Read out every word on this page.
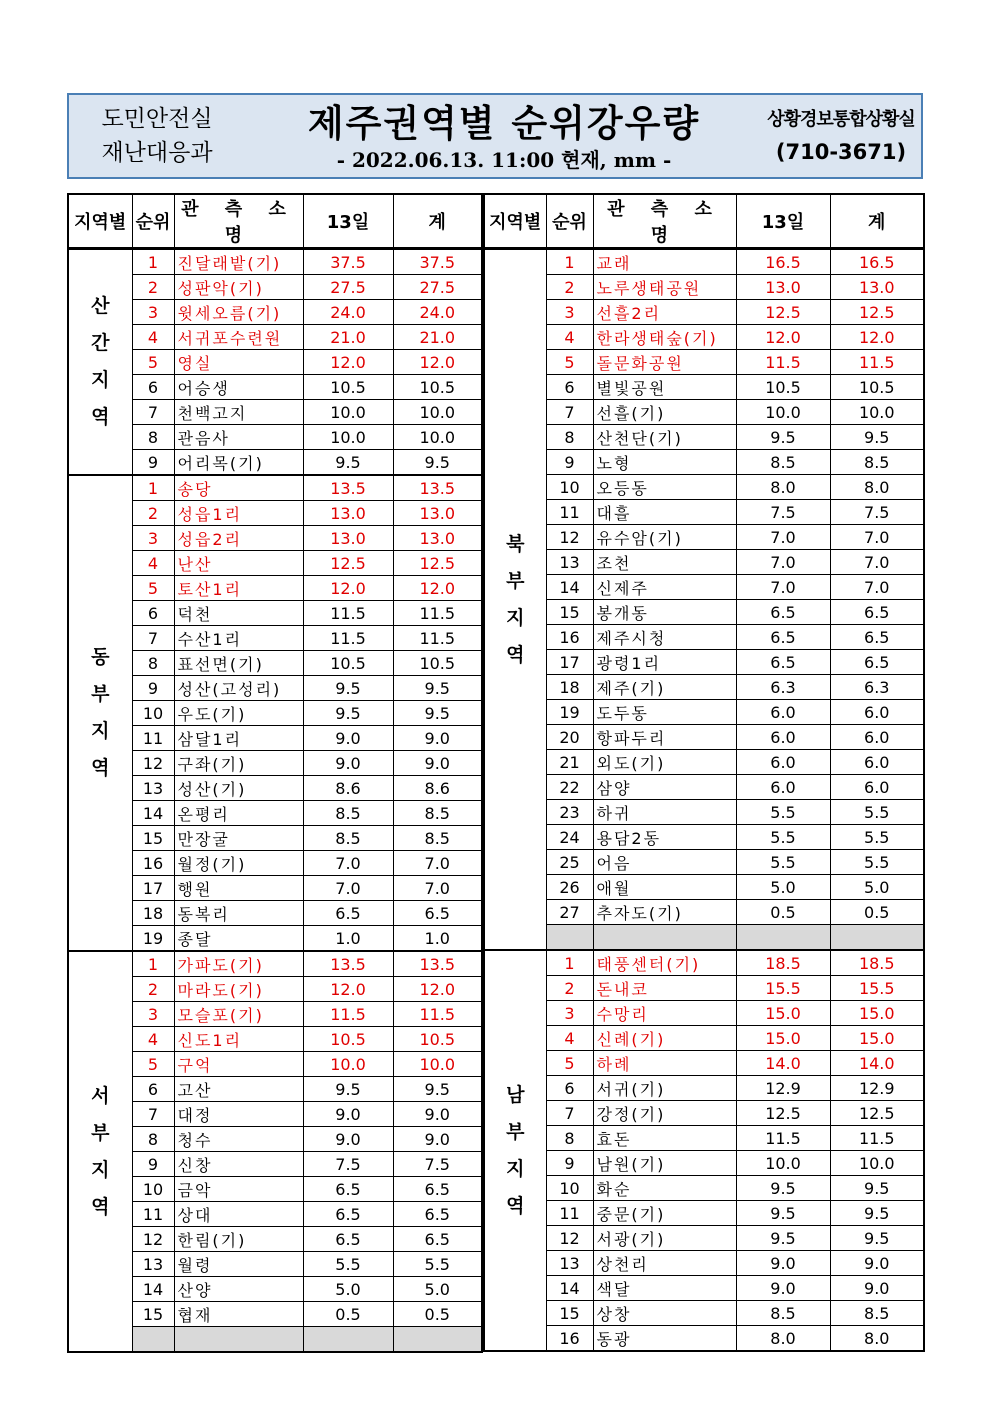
도민안전실
재난대응과
제주권역별 순위강우량
- 2022.06.13. 11:00 현재, mm -
상황경보통합상황실
(710-3671)
지역별	순위	관 측 소 명	13일	계
산
간
지
역	1	진달래밭(기)	37.5	37.5
	2	성판악(기)	27.5	27.5
	3	윗세오름(기)	24.0	24.0
	4	서귀포수련원	21.0	21.0
	5	영실	12.0	12.0
	6	어승생	10.5	10.5
	7	천백고지	10.0	10.0
	8	관음사	10.0	10.0
	9	어리목(기)	9.5	9.5
동
부
지
역	1	송당	13.5	13.5
	2	성읍1리	13.0	13.0
	3	성읍2리	13.0	13.0
	4	난산	12.5	12.5
	5	토산1리	12.0	12.0
	6	덕천	11.5	11.5
	7	수산1리	11.5	11.5
	8	표선면(기)	10.5	10.5
	9	성산(고성리)	9.5	9.5
	10	우도(기)	9.5	9.5
	11	삼달1리	9.0	9.0
	12	구좌(기)	9.0	9.0
	13	성산(기)	8.6	8.6
	14	온평리	8.5	8.5
	15	만장굴	8.5	8.5
	16	월정(기)	7.0	7.0
	17	행원	7.0	7.0
	18	동복리	6.5	6.5
	19	종달	1.0	1.0
서
부
지
역	1	가파도(기)	13.5	13.5
	2	마라도(기)	12.0	12.0
	3	모슬포(기)	11.5	11.5
	4	신도1리	10.5	10.5
	5	구억	10.0	10.0
	6	고산	9.5	9.5
	7	대정	9.0	9.0
	8	청수	9.0	9.0
	9	신창	7.5	7.5
	10	금악	6.5	6.5
	11	상대	6.5	6.5
	12	한림(기)	6.5	6.5
	13	월령	5.5	5.5
	14	산양	5.0	5.0
	15	협재	0.5	0.5

지역별	순위	관 측 소 명	13일	계
북
부
지
역	1	교래	16.5	16.5
	2	노루생태공원	13.0	13.0
	3	선흘2리	12.5	12.5
	4	한라생태숲(기)	12.0	12.0
	5	돌문화공원	11.5	11.5
	6	별빛공원	10.5	10.5
	7	선흘(기)	10.0	10.0
	8	산천단(기)	9.5	9.5
	9	노형	8.5	8.5
	10	오등동	8.0	8.0
	11	대흘	7.5	7.5
	12	유수암(기)	7.0	7.0
	13	조천	7.0	7.0
	14	신제주	7.0	7.0
	15	봉개동	6.5	6.5
	16	제주시청	6.5	6.5
	17	광령1리	6.5	6.5
	18	제주(기)	6.3	6.3
	19	도두동	6.0	6.0
	20	항파두리	6.0	6.0
	21	외도(기)	6.0	6.0
	22	삼양	6.0	6.0
	23	하귀	5.5	5.5
	24	용담2동	5.5	5.5
	25	어음	5.5	5.5
	26	애월	5.0	5.0
	27	추자도(기)	0.5	0.5

남
부
지
역	1	태풍센터(기)	18.5	18.5
	2	돈내코	15.5	15.5
	3	수망리	15.0	15.0
	4	신례(기)	15.0	15.0
	5	하례	14.0	14.0
	6	서귀(기)	12.9	12.9
	7	강정(기)	12.5	12.5
	8	효돈	11.5	11.5
	9	남원(기)	10.0	10.0
	10	화순	9.5	9.5
	11	중문(기)	9.5	9.5
	12	서광(기)	9.5	9.5
	13	상천리	9.0	9.0
	14	색달	9.0	9.0
	15	상창	8.5	8.5
	16	동광	8.0	8.0
